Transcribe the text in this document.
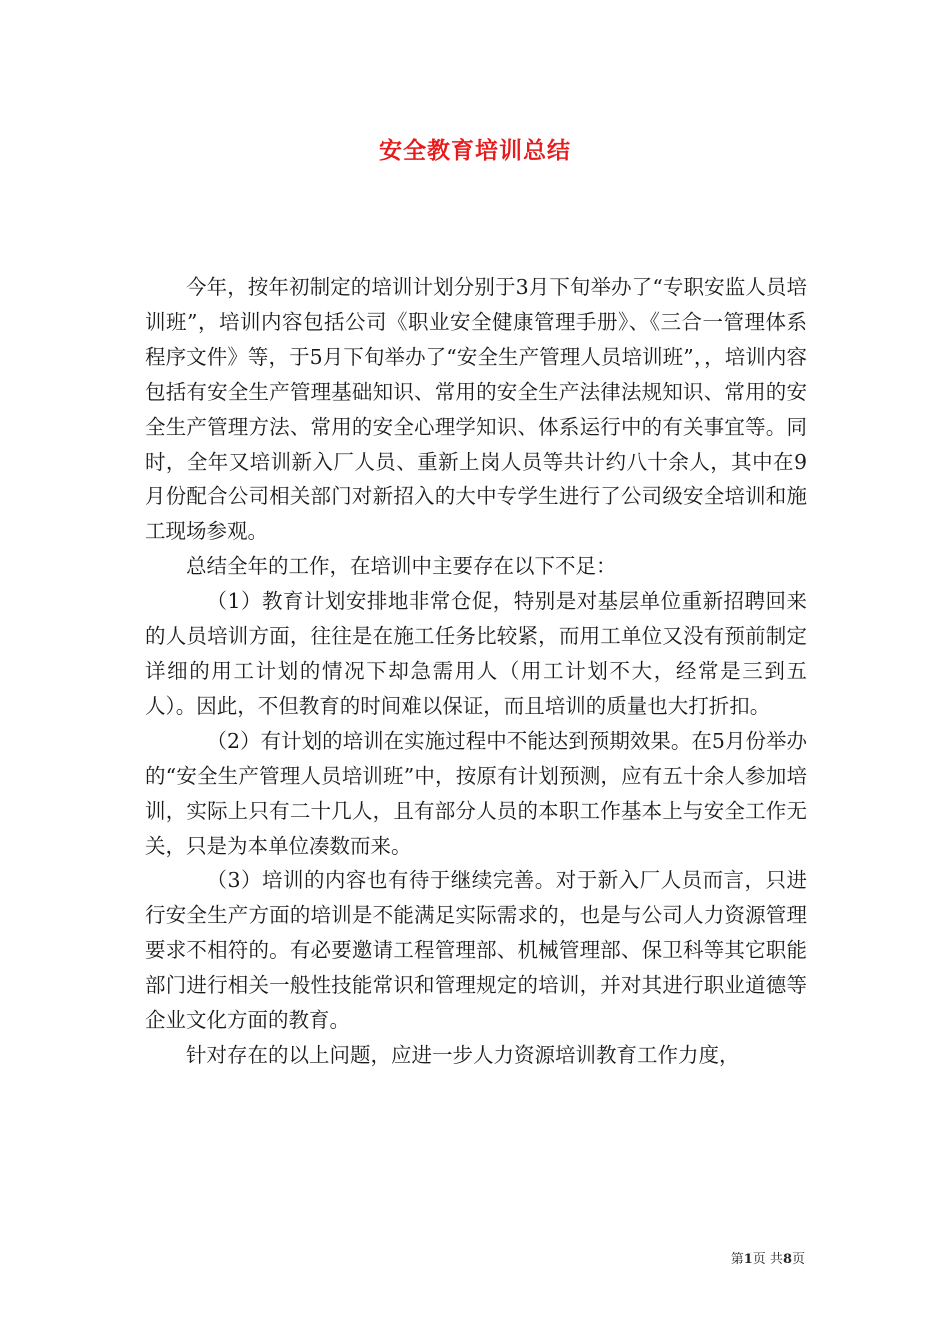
安全教育培训总结

今年，按年初制定的培训计划分别于3月下旬举办了“专职安监人员培训班”，培训内容包括公司《职业安全健康管理手册》、《三合一管理体系程序文件》等，于5月下旬举办了“安全生产管理人员培训班”，，培训内容包括有安全生产管理基础知识、常用的安全生产法律法规知识、常用的安全生产管理方法、常用的安全心理学知识、体系运行中的有关事宜等。同时，全年又培训新入厂人员、重新上岗人员等共计约八十余人，其中在9月份配合公司相关部门对新招入的大中专学生进行了公司级安全培训和施工现场参观。

总结全年的工作，在培训中主要存在以下不足：

（1）教育计划安排地非常仓促，特别是对基层单位重新招聘回来的人员培训方面，往往是在施工任务比较紧，而用工单位又没有预前制定详细的用工计划的情况下却急需用人（用工计划不大，经常是三到五人）。因此，不但教育的时间难以保证，而且培训的质量也大打折扣。

（2）有计划的培训在实施过程中不能达到预期效果。在5月份举办的“安全生产管理人员培训班”中，按原有计划预测，应有五十余人参加培训，实际上只有二十几人，且有部分人员的本职工作基本上与安全工作无关，只是为本单位凑数而来。

（3）培训的内容也有待于继续完善。对于新入厂人员而言，只进行安全生产方面的培训是不能满足实际需求的，也是与公司人力资源管理要求不相符的。有必要邀请工程管理部、机械管理部、保卫科等其它职能部门进行相关一般性技能常识和管理规定的培训，并对其进行职业道德等企业文化方面的教育。

针对存在的以上问题，应进一步人力资源培训教育工作力度，

第1页 共8页
